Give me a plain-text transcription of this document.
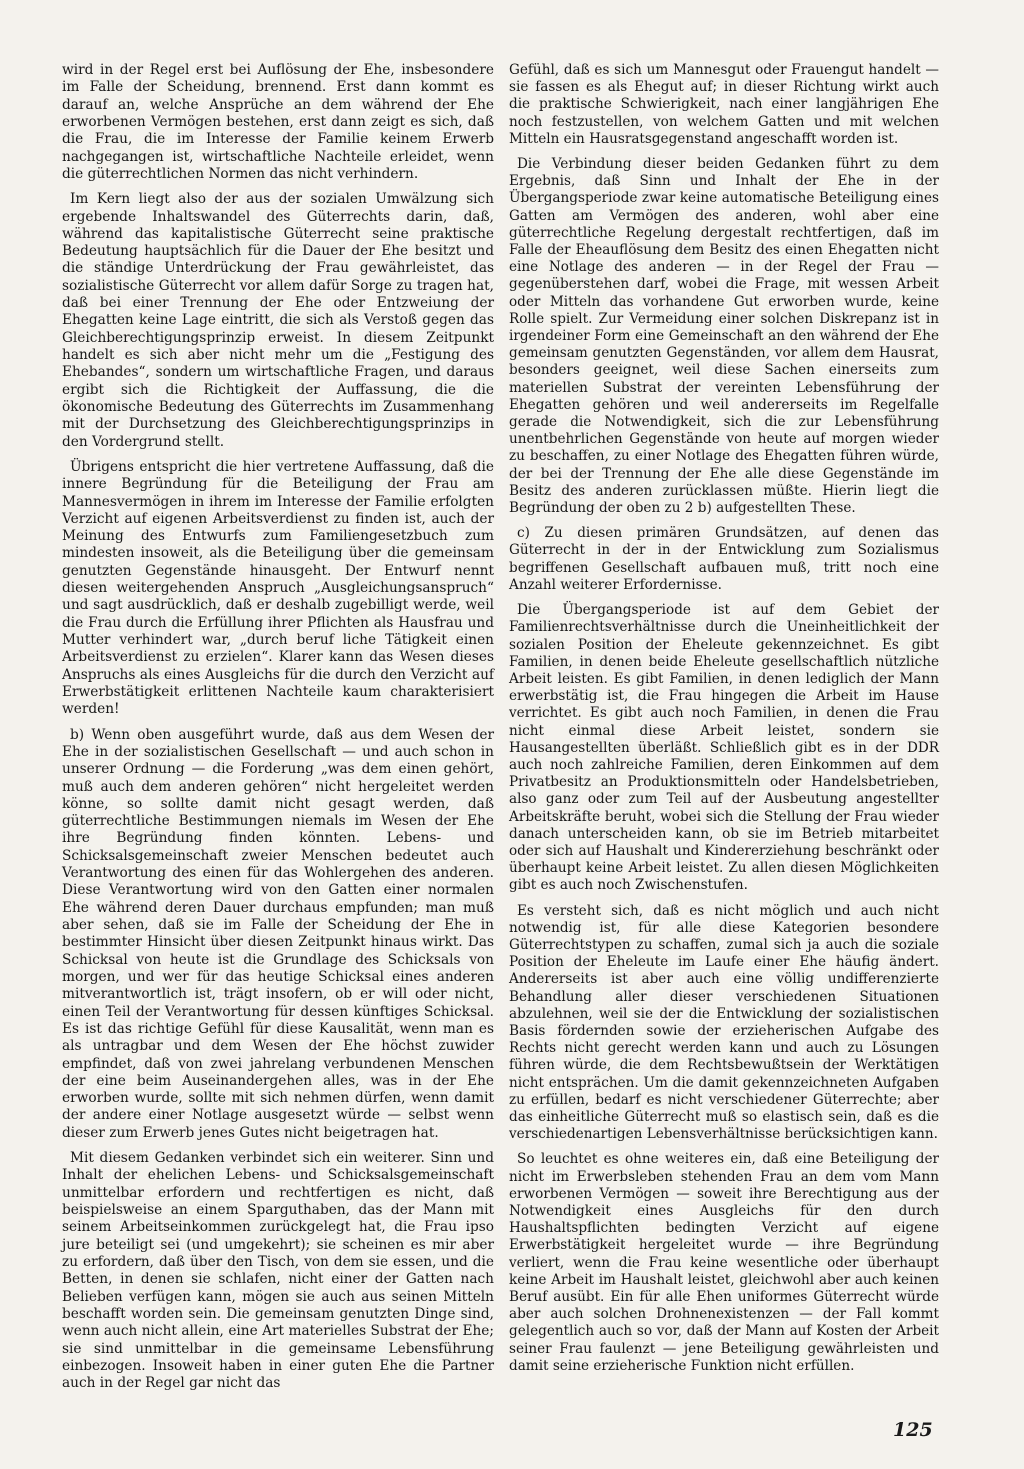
wird in der Regel erst bei Auflösung der Ehe, insbesondere im Falle der Scheidung, brennend. Erst dann kommt es darauf an, welche Ansprüche an dem während der Ehe erworbenen Vermögen bestehen, erst dann zeigt es sich, daß die Frau, die im Interesse der Familie keinem Erwerb nachgegangen ist, wirtschaftliche Nachteile erleidet, wenn die güterrechtlichen Normen das nicht verhindern.

Im Kern liegt also der aus der sozialen Umwälzung sich ergebende Inhaltswandel des Güterrechts darin, daß, während das kapitalistische Güterrecht seine praktische Bedeutung hauptsächlich für die Dauer der Ehe besitzt und die ständige Unterdrückung der Frau gewährleistet, das sozialistische Güterrecht vor allem dafür Sorge zu tragen hat, daß bei einer Trennung der Ehe oder Entzweiung der Ehegatten keine Lage eintritt, die sich als Verstoß gegen das Gleichberechtigungsprinzip erweist. In diesem Zeitpunkt handelt es sich aber nicht mehr um die „Festigung des Ehebandes“, sondern um wirtschaftliche Fragen, und daraus ergibt sich die Richtigkeit der Auffassung, die die ökonomische Bedeutung des Güterrechts im Zusammenhang mit der Durchsetzung des Gleichberechtigungsprinzips in den Vordergrund stellt.

Übrigens entspricht die hier vertretene Auffassung, daß die innere Begründung für die Beteiligung der Frau am Mannesvermögen in ihrem im Interesse der Familie erfolgten Verzicht auf eigenen Arbeitsverdienst zu finden ist, auch der Meinung des Entwurfs zum Familiengesetzbuch zum mindesten insoweit, als die Beteiligung über die gemeinsam genutzten Gegenstände hinausgeht. Der Entwurf nennt diesen weitergehenden Anspruch „Ausgleichungsanspruch“ und sagt ausdrücklich, daß er deshalb zugebilligt werde, weil die Frau durch die Erfüllung ihrer Pflichten als Hausfrau und Mutter verhindert war, „durch beruf liche Tätigkeit einen Arbeitsverdienst zu erzielen“. Klarer kann das Wesen dieses Anspruchs als eines Ausgleichs für die durch den Verzicht auf Erwerbstätigkeit erlittenen Nachteile kaum charakterisiert werden!

b) Wenn oben ausgeführt wurde, daß aus dem Wesen der Ehe in der sozialistischen Gesellschaft — und auch schon in unserer Ordnung — die Forderung „was dem einen gehört, muß auch dem anderen gehören“ nicht hergeleitet werden könne, so sollte damit nicht gesagt werden, daß güterrechtliche Bestimmungen niemals im Wesen der Ehe ihre Begründung finden könnten. Lebens- und Schicksalsgemeinschaft zweier Menschen bedeutet auch Verantwortung des einen für das Wohlergehen des anderen. Diese Verantwortung wird von den Gatten einer normalen Ehe während deren Dauer durchaus empfunden; man muß aber sehen, daß sie im Falle der Scheidung der Ehe in bestimmter Hinsicht über diesen Zeitpunkt hinaus wirkt. Das Schicksal von heute ist die Grundlage des Schicksals von morgen, und wer für das heutige Schicksal eines anderen mitverantwortlich ist, trägt insofern, ob er will oder nicht, einen Teil der Verantwortung für dessen künftiges Schicksal. Es ist das richtige Gefühl für diese Kausalität, wenn man es als untragbar und dem Wesen der Ehe höchst zuwider empfindet, daß von zwei jahrelang verbundenen Menschen der eine beim Auseinandergehen alles, was in der Ehe erworben wurde, sollte mit sich nehmen dürfen, wenn damit der andere einer Notlage ausgesetzt würde — selbst wenn dieser zum Erwerb jenes Gutes nicht beigetragen hat.

Mit diesem Gedanken verbindet sich ein weiterer. Sinn und Inhalt der ehelichen Lebens- und Schicksalsgemeinschaft unmittelbar erfordern und rechtfertigen es nicht, daß beispielsweise an einem Sparguthaben, das der Mann mit seinem Arbeitseinkommen zurückgelegt hat, die Frau ipso jure beteiligt sei (und umgekehrt); sie scheinen es mir aber zu erfordern, daß über den Tisch, von dem sie essen, und die Betten, in denen sie schlafen, nicht einer der Gatten nach Belieben verfügen kann, mögen sie auch aus seinen Mitteln beschafft worden sein. Die gemeinsam genutzten Dinge sind, wenn auch nicht allein, eine Art materielles Substrat der Ehe; sie sind unmittelbar in die gemeinsame Lebensführung einbezogen. Insoweit haben in einer guten Ehe die Partner auch in der Regel gar nicht das

Gefühl, daß es sich um Mannesgut oder Frauengut handelt — sie fassen es als Ehegut auf; in dieser Richtung wirkt auch die praktische Schwierigkeit, nach einer langjährigen Ehe noch festzustellen, von welchem Gatten und mit welchen Mitteln ein Hausratsgegenstand angeschafft worden ist.

Die Verbindung dieser beiden Gedanken führt zu dem Ergebnis, daß Sinn und Inhalt der Ehe in der Übergangsperiode zwar keine automatische Beteiligung eines Gatten am Vermögen des anderen, wohl aber eine güterrechtliche Regelung dergestalt rechtfertigen, daß im Falle der Eheauflösung dem Besitz des einen Ehegatten nicht eine Notlage des anderen — in der Regel der Frau — gegenüberstehen darf, wobei die Frage, mit wessen Arbeit oder Mitteln das vorhandene Gut erworben wurde, keine Rolle spielt. Zur Vermeidung einer solchen Diskrepanz ist in irgendeiner Form eine Gemeinschaft an den während der Ehe gemeinsam genutzten Gegenständen, vor allem dem Hausrat, besonders geeignet, weil diese Sachen einerseits zum materiellen Substrat der vereinten Lebensführung der Ehegatten gehören und weil andererseits im Regelfalle gerade die Notwendigkeit, sich die zur Lebensführung unentbehrlichen Gegenstände von heute auf morgen wieder zu beschaffen, zu einer Notlage des Ehegatten führen würde, der bei der Trennung der Ehe alle diese Gegenstände im Besitz des anderen zurücklassen müßte. Hierin liegt die Begründung der oben zu 2 b) aufgestellten These.

c) Zu diesen primären Grundsätzen, auf denen das Güterrecht in der in der Entwicklung zum Sozialismus begriffenen Gesellschaft aufbauen muß, tritt noch eine Anzahl weiterer Erfordernisse.

Die Übergangsperiode ist auf dem Gebiet der Familienrechtsverhältnisse durch die Uneinheitlichkeit der sozialen Position der Eheleute gekennzeichnet. Es gibt Familien, in denen beide Eheleute gesellschaftlich nützliche Arbeit leisten. Es gibt Familien, in denen lediglich der Mann erwerbstätig ist, die Frau hingegen die Arbeit im Hause verrichtet. Es gibt auch noch Familien, in denen die Frau nicht einmal diese Arbeit leistet, sondern sie Hausangestellten überläßt. Schließlich gibt es in der DDR auch noch zahlreiche Familien, deren Einkommen auf dem Privatbesitz an Produktionsmitteln oder Handelsbetrieben, also ganz oder zum Teil auf der Ausbeutung angestellter Arbeitskräfte beruht, wobei sich die Stellung der Frau wieder danach unterscheiden kann, ob sie im Betrieb mitarbeitet oder sich auf Haushalt und Kindererziehung beschränkt oder überhaupt keine Arbeit leistet. Zu allen diesen Möglichkeiten gibt es auch noch Zwischenstufen.

Es versteht sich, daß es nicht möglich und auch nicht notwendig ist, für alle diese Kategorien besondere Güterrechtstypen zu schaffen, zumal sich ja auch die soziale Position der Eheleute im Laufe einer Ehe häufig ändert. Andererseits ist aber auch eine völlig undifferenzierte Behandlung aller dieser verschiedenen Situationen abzulehnen, weil sie der die Entwicklung der sozialistischen Basis fördernden sowie der erzieherischen Aufgabe des Rechts nicht gerecht werden kann und auch zu Lösungen führen würde, die dem Rechtsbewußtsein der Werktätigen nicht entsprächen. Um die damit gekennzeichneten Aufgaben zu erfüllen, bedarf es nicht verschiedener Güterrechte; aber das einheitliche Güterrecht muß so elastisch sein, daß es die verschiedenartigen Lebensverhältnisse berücksichtigen kann.

So leuchtet es ohne weiteres ein, daß eine Beteiligung der nicht im Erwerbsleben stehenden Frau an dem vom Mann erworbenen Vermögen — soweit ihre Berechtigung aus der Notwendigkeit eines Ausgleichs für den durch Haushaltspflichten bedingten Verzicht auf eigene Erwerbstätigkeit hergeleitet wurde — ihre Begründung verliert, wenn die Frau keine wesentliche oder überhaupt keine Arbeit im Haushalt leistet, gleichwohl aber auch keinen Beruf ausübt. Ein für alle Ehen uniformes Güterrecht würde aber auch solchen Drohnenexistenzen — der Fall kommt gelegentlich auch so vor, daß der Mann auf Kosten der Arbeit seiner Frau faulenzt — jene Beteiligung gewährleisten und damit seine erzieherische Funktion nicht erfüllen.

125
